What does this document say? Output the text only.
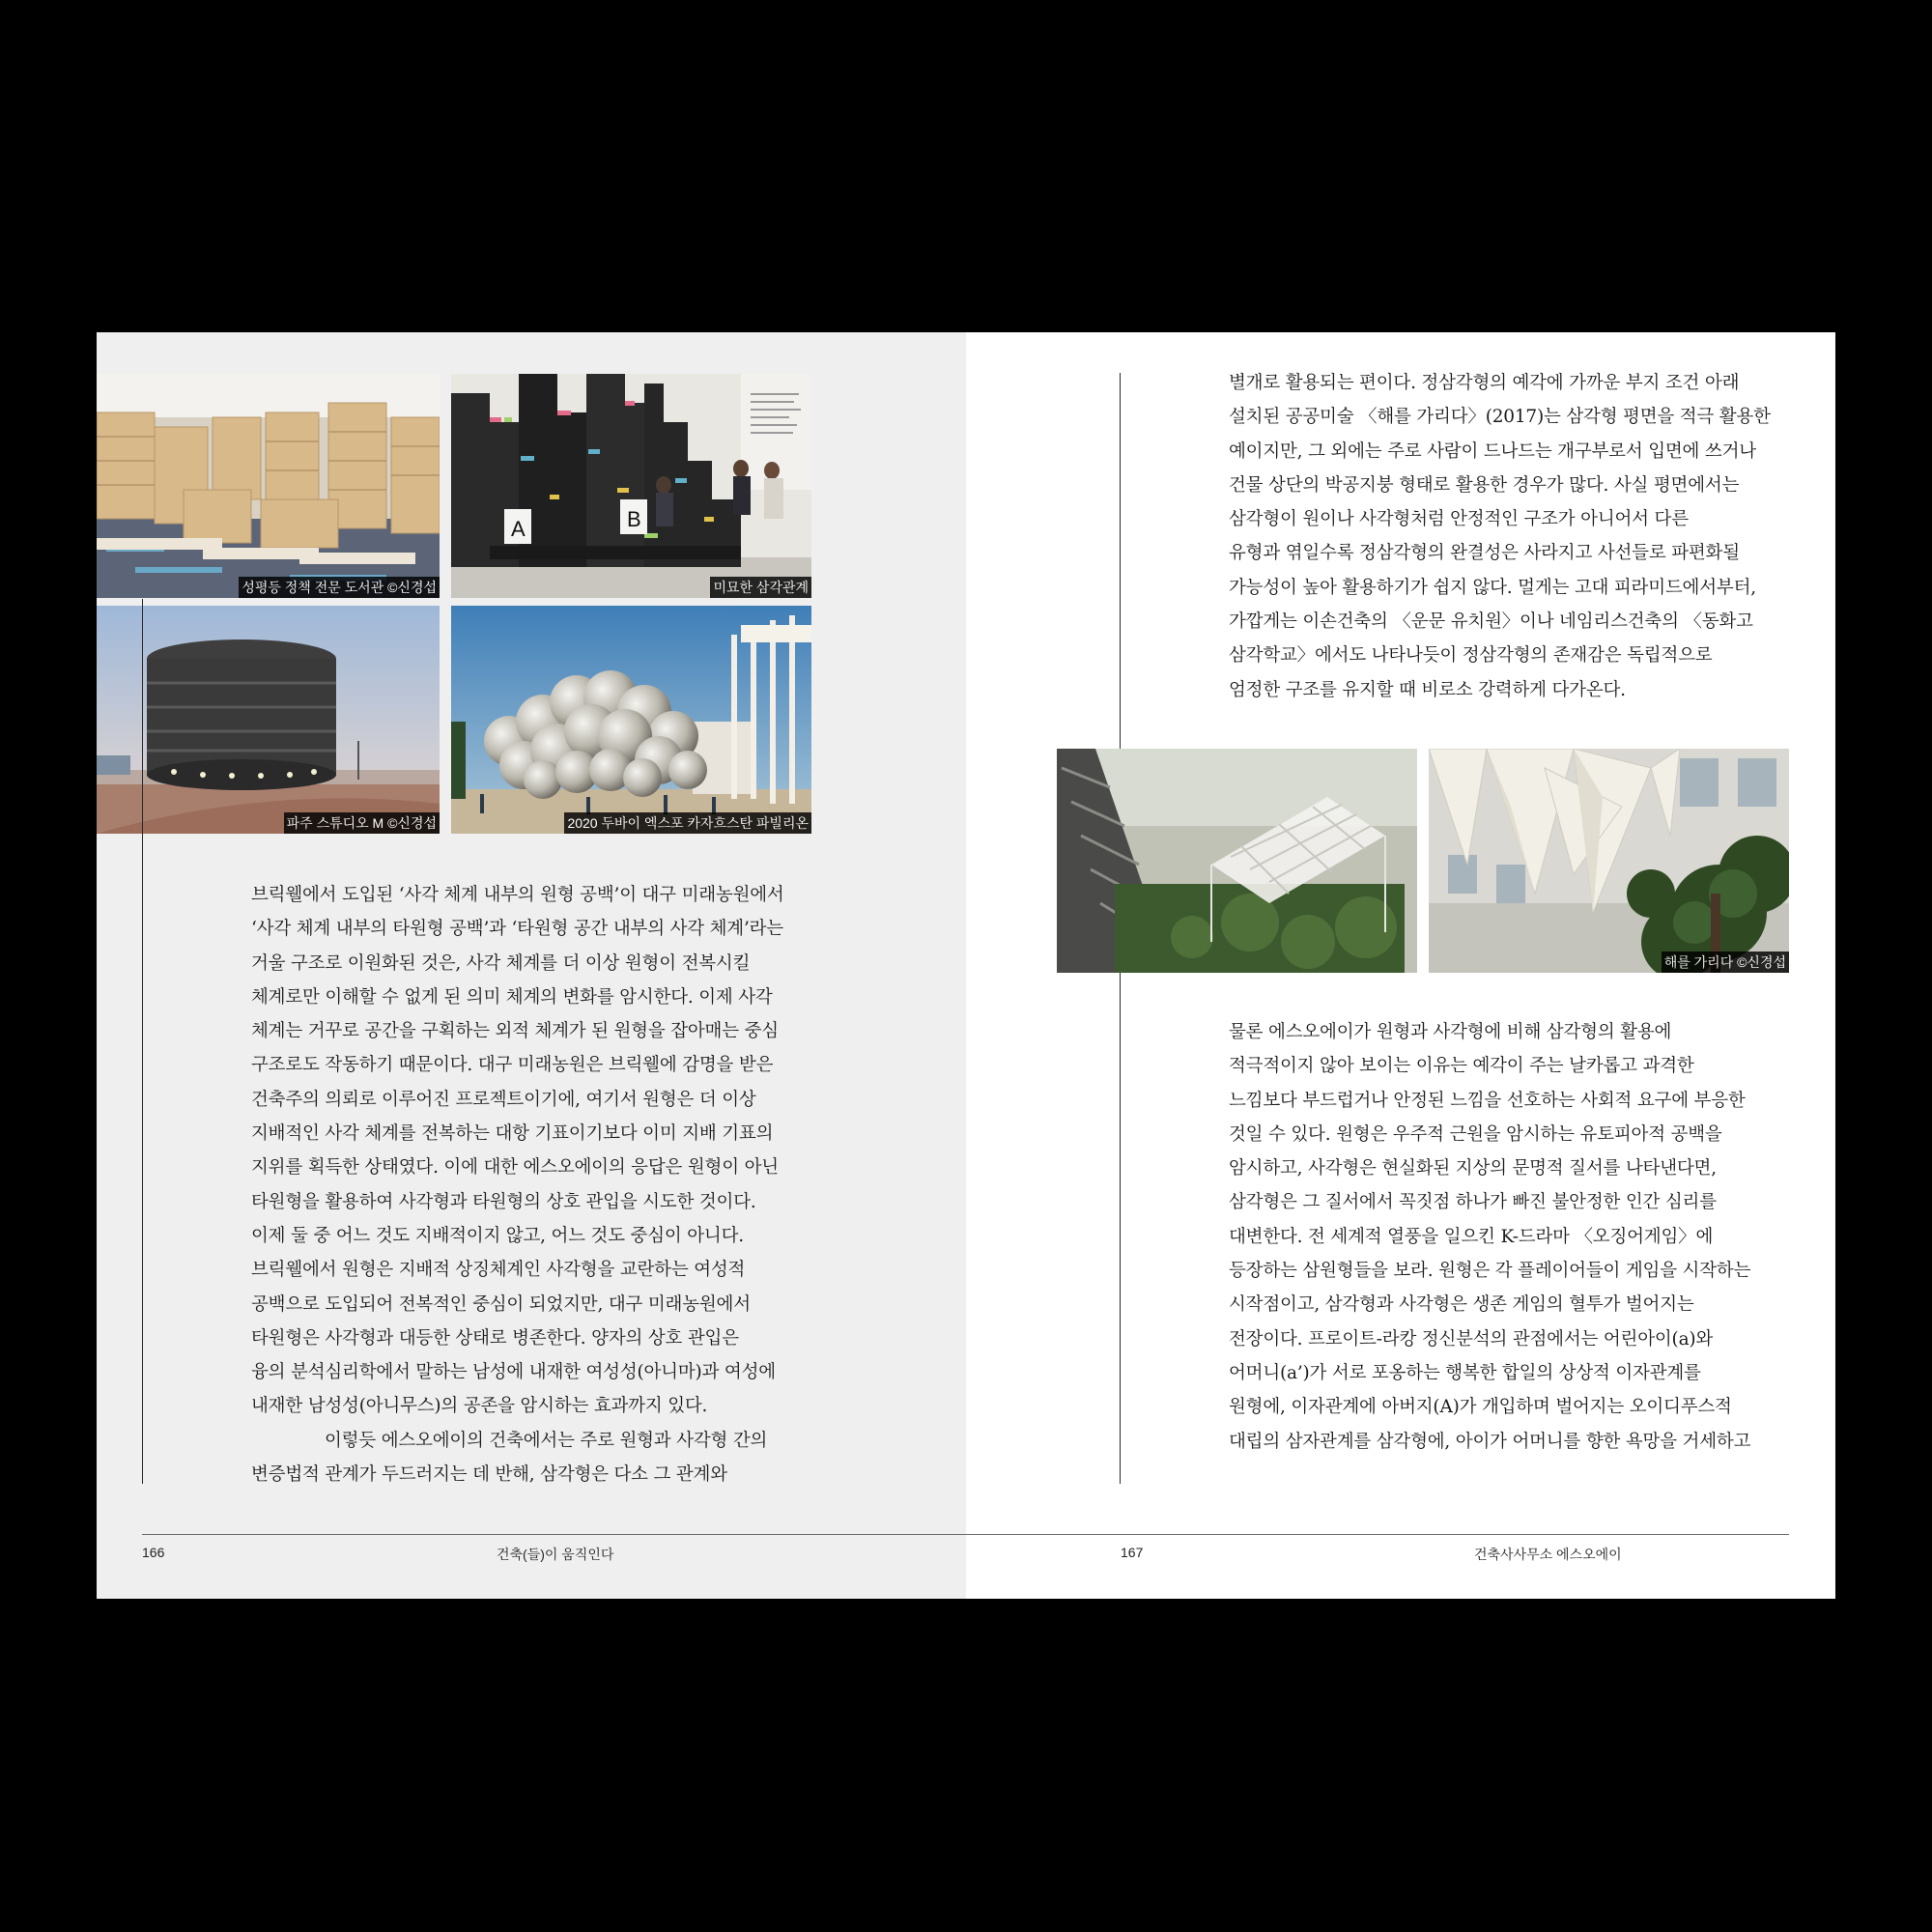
성평등 정책 전문 도서관 ©신경섭
A	B
미묘한 삼각관계
파주 스튜디오 M ©신경섭	2020 두바이 엑스포 카자흐스탄 파빌리온

브릭웰에서 도입된 ‘사각 체계 내부의 원형 공백’이 대구 미래농원에서

‘사각 체계 내부의 타원형 공백’과 ‘타원형 공간 내부의 사각 체계’라는

거울 구조로 이원화된 것은, 사각 체계를 더 이상 원형이 전복시킬

체계로만 이해할 수 없게 된 의미 체계의 변화를 암시한다. 이제 사각

체계는 거꾸로 공간을 구획하는 외적 체계가 된 원형을 잡아매는 중심

구조로도 작동하기 때문이다. 대구 미래농원은 브릭웰에 감명을 받은

건축주의 의뢰로 이루어진 프로젝트이기에, 여기서 원형은 더 이상

지배적인 사각 체계를 전복하는 대항 기표이기보다 이미 지배 기표의

지위를 획득한 상태였다. 이에 대한 에스오에이의 응답은 원형이 아닌

타원형을 활용하여 사각형과 타원형의 상호 관입을 시도한 것이다.

이제 둘 중 어느 것도 지배적이지 않고, 어느 것도 중심이 아니다.

브릭웰에서 원형은 지배적 상징체계인 사각형을 교란하는 여성적

공백으로 도입되어 전복적인 중심이 되었지만, 대구 미래농원에서

타원형은 사각형과 대등한 상태로 병존한다. 양자의 상호 관입은

융의 분석심리학에서 말하는 남성에 내재한 여성성(아니마)과 여성에

내재한 남성성(아니무스)의 공존을 암시하는 효과까지 있다.

이렇듯 에스오에이의 건축에서는 주로 원형과 사각형 간의

변증법적 관계가 두드러지는 데 반해, 삼각형은 다소 그 관계와

별개로 활용되는 편이다. 정삼각형의 예각에 가까운 부지 조건 아래

설치된 공공미술 〈해를 가리다〉(2017)는 삼각형 평면을 적극 활용한

예이지만, 그 외에는 주로 사람이 드나드는 개구부로서 입면에 쓰거나

건물 상단의 박공지붕 형태로 활용한 경우가 많다. 사실 평면에서는

삼각형이 원이나 사각형처럼 안정적인 구조가 아니어서 다른

유형과 엮일수록 정삼각형의 완결성은 사라지고 사선들로 파편화될

가능성이 높아 활용하기가 쉽지 않다. 멀게는 고대 피라미드에서부터,

가깝게는 이손건축의 〈운문 유치원〉이나 네임리스건축의 〈동화고

삼각학교〉에서도 나타나듯이 정삼각형의 존재감은 독립적으로

엄정한 구조를 유지할 때 비로소 강력하게 다가온다.

해를 가리다 ©신경섭

물론 에스오에이가 원형과 사각형에 비해 삼각형의 활용에

적극적이지 않아 보이는 이유는 예각이 주는 날카롭고 과격한

느낌보다 부드럽거나 안정된 느낌을 선호하는 사회적 요구에 부응한

것일 수 있다. 원형은 우주적 근원을 암시하는 유토피아적 공백을

암시하고, 사각형은 현실화된 지상의 문명적 질서를 나타낸다면,

삼각형은 그 질서에서 꼭짓점 하나가 빠진 불안정한 인간 심리를

대변한다. 전 세계적 열풍을 일으킨 K-드라마 〈오징어게임〉에

등장하는 삼원형들을 보라. 원형은 각 플레이어들이 게임을 시작하는

시작점이고, 삼각형과 사각형은 생존 게임의 혈투가 벌어지는

전장이다. 프로이트-라캉 정신분석의 관점에서는 어린아이(a)와

어머니(a’)가 서로 포옹하는 행복한 합일의 상상적 이자관계를

원형에, 이자관계에 아버지(A)가 개입하며 벌어지는 오이디푸스적

대립의 삼자관계를 삼각형에, 아이가 어머니를 향한 욕망을 거세하고

166	건축(들)이 움직인다	167	건축사사무소 에스오에이
